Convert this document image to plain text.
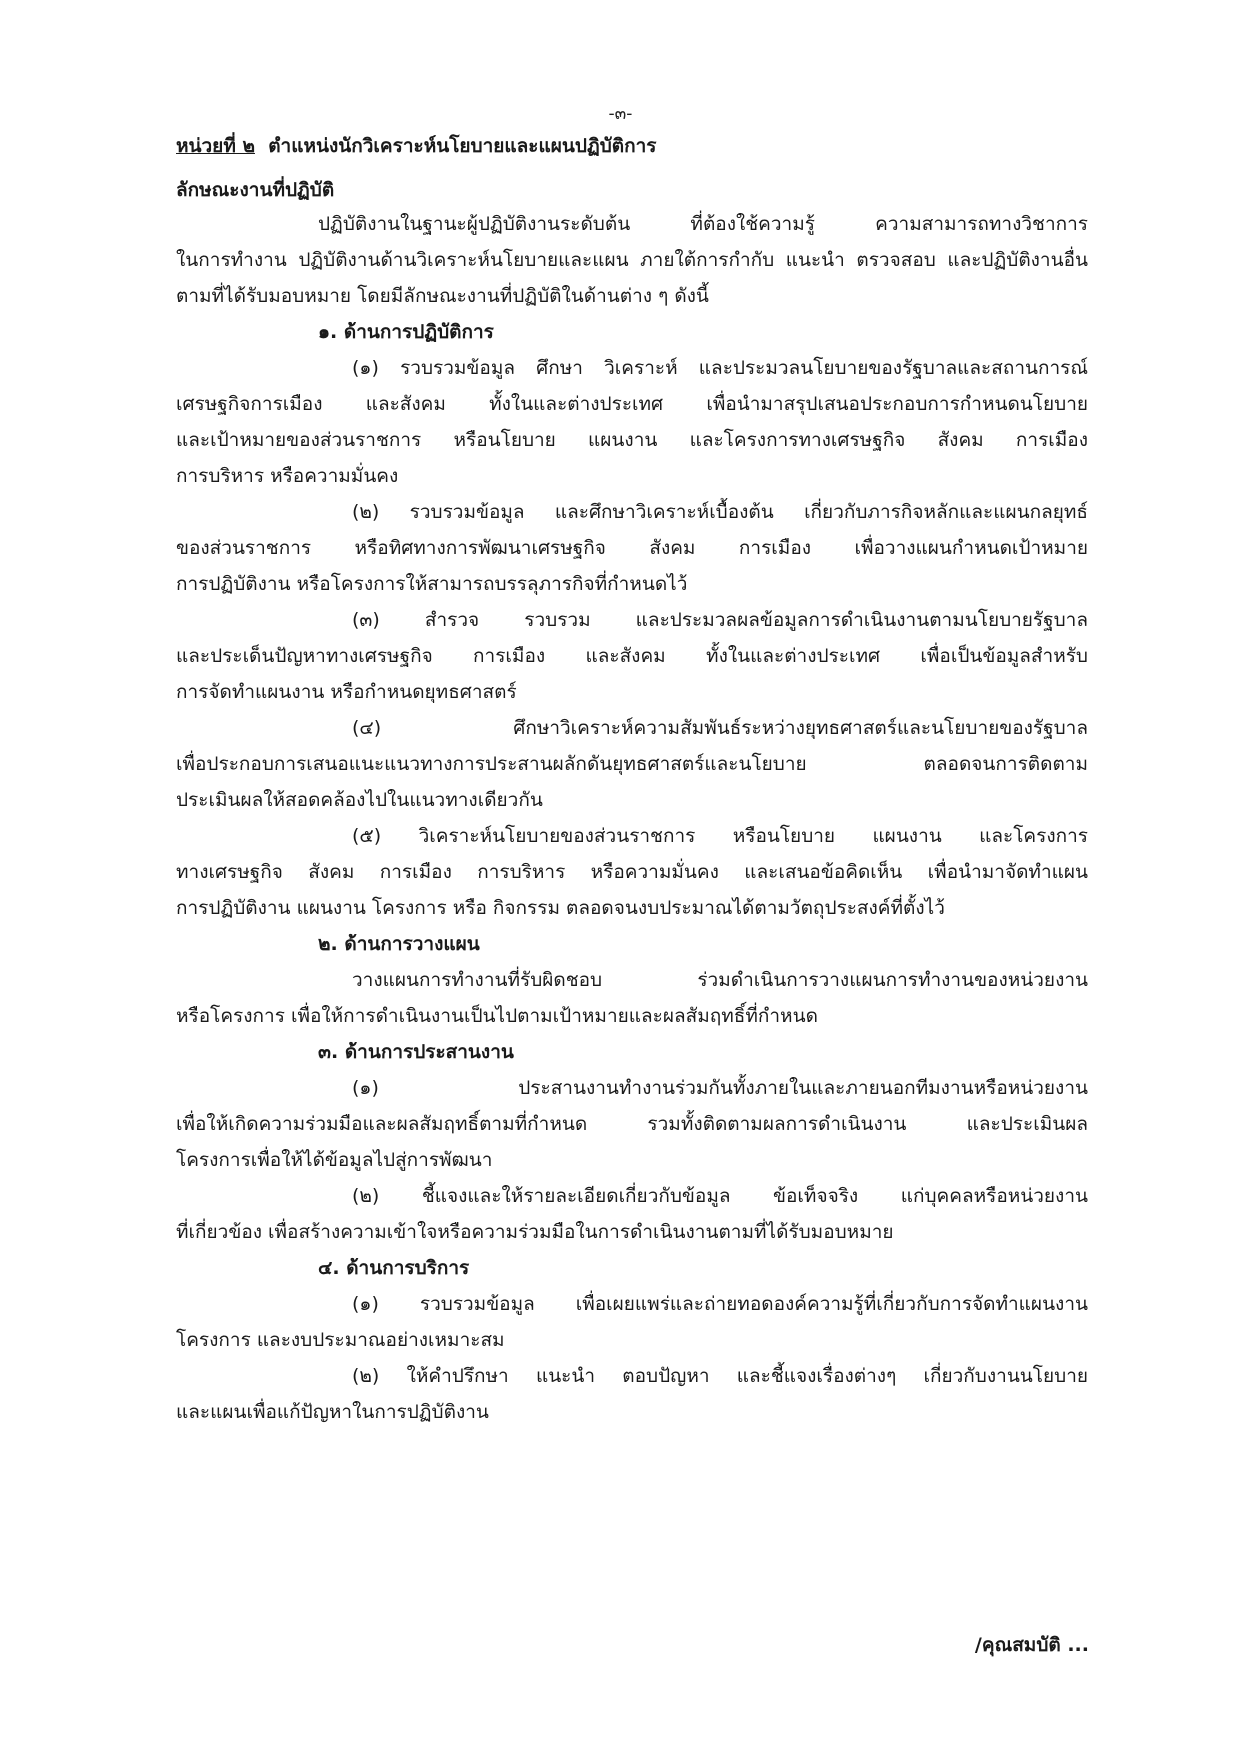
-๓-
หน่วยที่ ๒ ตำแหน่งนักวิเคราะห์นโยบายและแผนปฏิบัติการ
ลักษณะงานที่ปฏิบัติ
ปฏิบัติงานในฐานะผู้ปฏิบัติงานระดับต้น ที่ต้องใช้ความรู้ ความสามารถทางวิชาการ
ในการทำงาน ปฏิบัติงานด้านวิเคราะห์นโยบายและแผน ภายใต้การกำกับ แนะนำ ตรวจสอบ และปฏิบัติงานอื่น
ตามที่ได้รับมอบหมาย โดยมีลักษณะงานที่ปฏิบัติในด้านต่าง ๆ ดังนี้
๑. ด้านการปฏิบัติการ
(๑) รวบรวมข้อมูล ศึกษา วิเคราะห์ และประมวลนโยบายของรัฐบาลและสถานการณ์
เศรษฐกิจการเมือง และสังคม ทั้งในและต่างประเทศ เพื่อนำมาสรุปเสนอประกอบการกำหนดนโยบาย
และเป้าหมายของส่วนราชการ หรือนโยบาย แผนงาน และโครงการทางเศรษฐกิจ สังคม การเมือง
การบริหาร หรือความมั่นคง
(๒) รวบรวมข้อมูล และศึกษาวิเคราะห์เบื้องต้น เกี่ยวกับภารกิจหลักและแผนกลยุทธ์
ของส่วนราชการ หรือทิศทางการพัฒนาเศรษฐกิจ สังคม การเมือง เพื่อวางแผนกำหนดเป้าหมาย
การปฏิบัติงาน หรือโครงการให้สามารถบรรลุภารกิจที่กำหนดไว้
(๓) สำรวจ รวบรวม และประมวลผลข้อมูลการดำเนินงานตามนโยบายรัฐบาล
และประเด็นปัญหาทางเศรษฐกิจ การเมือง และสังคม ทั้งในและต่างประเทศ เพื่อเป็นข้อมูลสำหรับ
การจัดทำแผนงาน หรือกำหนดยุทธศาสตร์
(๔) ศึกษาวิเคราะห์ความสัมพันธ์ระหว่างยุทธศาสตร์และนโยบายของรัฐบาล
เพื่อประกอบการเสนอแนะแนวทางการประสานผลักดันยุทธศาสตร์และนโยบาย ตลอดจนการติดตาม
ประเมินผลให้สอดคล้องไปในแนวทางเดียวกัน
(๕) วิเคราะห์นโยบายของส่วนราชการ หรือนโยบาย แผนงาน และโครงการ
ทางเศรษฐกิจ สังคม การเมือง การบริหาร หรือความมั่นคง และเสนอข้อคิดเห็น เพื่อนำมาจัดทำแผน
การปฏิบัติงาน แผนงาน โครงการ หรือ กิจกรรม ตลอดจนงบประมาณได้ตามวัตถุประสงค์ที่ตั้งไว้
๒. ด้านการวางแผน
วางแผนการทำงานที่รับผิดชอบ ร่วมดำเนินการวางแผนการทำงานของหน่วยงาน
หรือโครงการ เพื่อให้การดำเนินงานเป็นไปตามเป้าหมายและผลสัมฤทธิ์ที่กำหนด
๓. ด้านการประสานงาน
(๑) ประสานงานทำงานร่วมกันทั้งภายในและภายนอกทีมงานหรือหน่วยงาน
เพื่อให้เกิดความร่วมมือและผลสัมฤทธิ์ตามที่กำหนด รวมทั้งติดตามผลการดำเนินงาน และประเมินผล
โครงการเพื่อให้ได้ข้อมูลไปสู่การพัฒนา
(๒) ชี้แจงและให้รายละเอียดเกี่ยวกับข้อมูล ข้อเท็จจริง แก่บุคคลหรือหน่วยงาน
ที่เกี่ยวข้อง เพื่อสร้างความเข้าใจหรือความร่วมมือในการดำเนินงานตามที่ได้รับมอบหมาย
๔. ด้านการบริการ
(๑) รวบรวมข้อมูล เพื่อเผยแพร่และถ่ายทอดองค์ความรู้ที่เกี่ยวกับการจัดทำแผนงาน
โครงการ และงบประมาณอย่างเหมาะสม
(๒) ให้คำปรึกษา แนะนำ ตอบปัญหา และชี้แจงเรื่องต่างๆ เกี่ยวกับงานนโยบาย
และแผนเพื่อแก้ปัญหาในการปฏิบัติงาน
/คุณสมบัติ ...
